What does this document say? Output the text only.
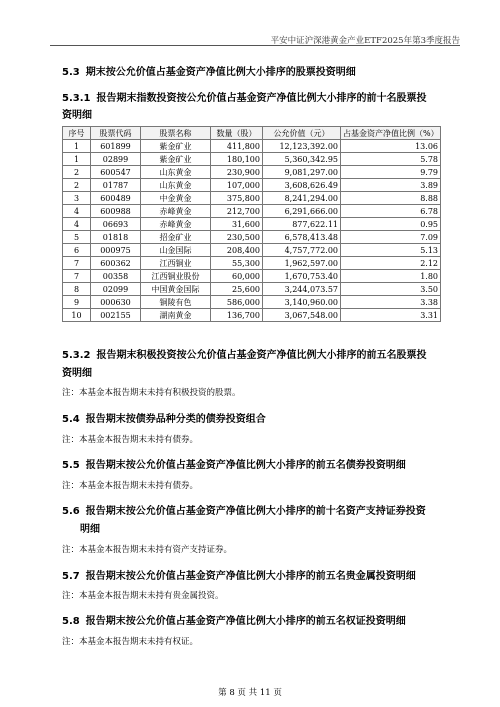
平安中证沪深港黄金产业ETF2025年第3季度报告
5.3 期末按公允价值占基金资产净值比例大小排序的股票投资明细
5.3.1 报告期末指数投资按公允价值占基金资产净值比例大小排序的前十名股票投
资明细
序号	股票代码	股票名称	数量（股）	公允价值（元）	占基金资产净值比例（%）
1	601899	紫金矿业	411,800	12,123,392.00	13.06
1	02899	紫金矿业	180,100	5,360,342.95	5.78
2	600547	山东黄金	230,900	9,081,297.00	9.79
2	01787	山东黄金	107,000	3,608,626.49	3.89
3	600489	中金黄金	375,800	8,241,294.00	8.88
4	600988	赤峰黄金	212,700	6,291,666.00	6.78
4	06693	赤峰黄金	31,600	877,622.11	0.95
5	01818	招金矿业	230,500	6,578,413.48	7.09
6	000975	山金国际	208,400	4,757,772.00	5.13
7	600362	江西铜业	55,300	1,962,597.00	2.12
7	00358	江西铜业股份	60,000	1,670,753.40	1.80
8	02099	中国黄金国际	25,600	3,244,073.57	3.50
9	000630	铜陵有色	586,000	3,140,960.00	3.38
10	002155	湖南黄金	136,700	3,067,548.00	3.31
5.3.2 报告期末积极投资按公允价值占基金资产净值比例大小排序的前五名股票投
资明细
注：本基金本报告期末未持有积极投资的股票。
5.4 报告期末按债券品种分类的债券投资组合
注：本基金本报告期末未持有债券。
5.5 报告期末按公允价值占基金资产净值比例大小排序的前五名债券投资明细
注：本基金本报告期末未持有债券。
5.6 报告期末按公允价值占基金资产净值比例大小排序的前十名资产支持证券投资
明细
注：本基金本报告期末未持有资产支持证券。
5.7 报告期末按公允价值占基金资产净值比例大小排序的前五名贵金属投资明细
注：本基金本报告期末未持有贵金属投资。
5.8 报告期末按公允价值占基金资产净值比例大小排序的前五名权证投资明细
注：本基金本报告期末未持有权证。
第 8 页 共 11 页
